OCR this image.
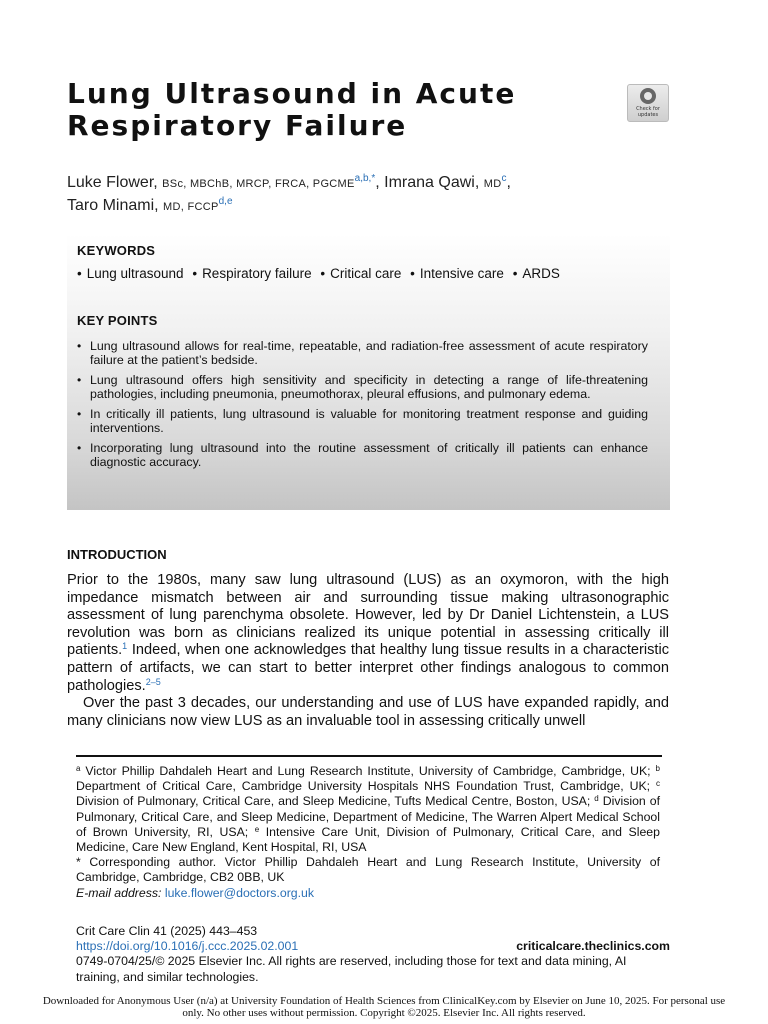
Lung Ultrasound in Acute
Respiratory Failure	Check for updates
Luke Flower, BSc, MBChB, MRCP, FRCA, $PGCME^{a,b,*}$, Imrana Qawi, $MD^c$,
Taro Minami, MD, FCCP$^{d,e}$
KEYWORDS
• Lung ultrasound • Respiratory failure • Critical care • Intensive care • ARDS
KEY POINTS
• Lung ultrasound allows for real-time, repeatable, and radiation-free assessment of acute respiratory failure at the patient’s bedside.
• Lung ultrasound offers high sensitivity and specificity in detecting a range of life-threatening pathologies, including pneumonia, pneumothorax, pleural effusions, and pulmonary edema.
• In critically ill patients, lung ultrasound is valuable for monitoring treatment response and guiding interventions.
• Incorporating lung ultrasound into the routine assessment of critically ill patients can enhance diagnostic accuracy.
INTRODUCTION

Prior to the 1980s, many saw lung ultrasound (LUS) as an oxymoron, with the high impedance mismatch between air and surrounding tissue making ultrasonographic assessment of lung parenchyma obsolete. However, led by Dr Daniel Lichtenstein, a LUS revolution was born as clinicians realized its unique potential in assessing critically ill patients.$^1$ Indeed, when one acknowledges that healthy lung tissue results in a characteristic pattern of artifacts, we can start to better interpret other findings analogous to common pathologies.$^{2-5}$

Over the past 3 decades, our understanding and use of LUS have expanded rapidly, and many clinicians now view LUS as an invaluable tool in assessing critically unwell

$^a$ Victor Phillip Dahdaleh Heart and Lung Research Institute, University of Cambridge, Cambridge, UK; $^b$ Department of Critical Care, Cambridge University Hospitals NHS Foundation Trust, Cambridge, UK; $^c$ Division of Pulmonary, Critical Care, and Sleep Medicine, Tufts Medical Centre, Boston, USA; $^d$ Division of Pulmonary, Critical Care, and Sleep Medicine, Department of Medicine, The Warren Alpert Medical School of Brown University, RI, USA; $^e$ Intensive Care Unit, Division of Pulmonary, Critical Care, and Sleep Medicine, Care New England, Kent Hospital, RI, USA

* Corresponding author. Victor Phillip Dahdaleh Heart and Lung Research Institute, University of Cambridge, Cambridge, CB2 0BB, UK

E-mail address: luke.flower@doctors.org.uk

Crit Care Clin 41 (2025) 443–453
https://doi.org/10.1016/j.ccc.2025.02.001	criticalcare.theclinics.com
0749-0704/25/© 2025 Elsevier Inc. All rights are reserved, including those for text and data mining, AI training, and similar technologies.
Downloaded for Anonymous User (n/a) at University Foundation of Health Sciences from ClinicalKey.com by Elsevier on June 10, 2025. For personal use only. No other uses without permission. Copyright ©2025. Elsevier Inc. All rights reserved.
